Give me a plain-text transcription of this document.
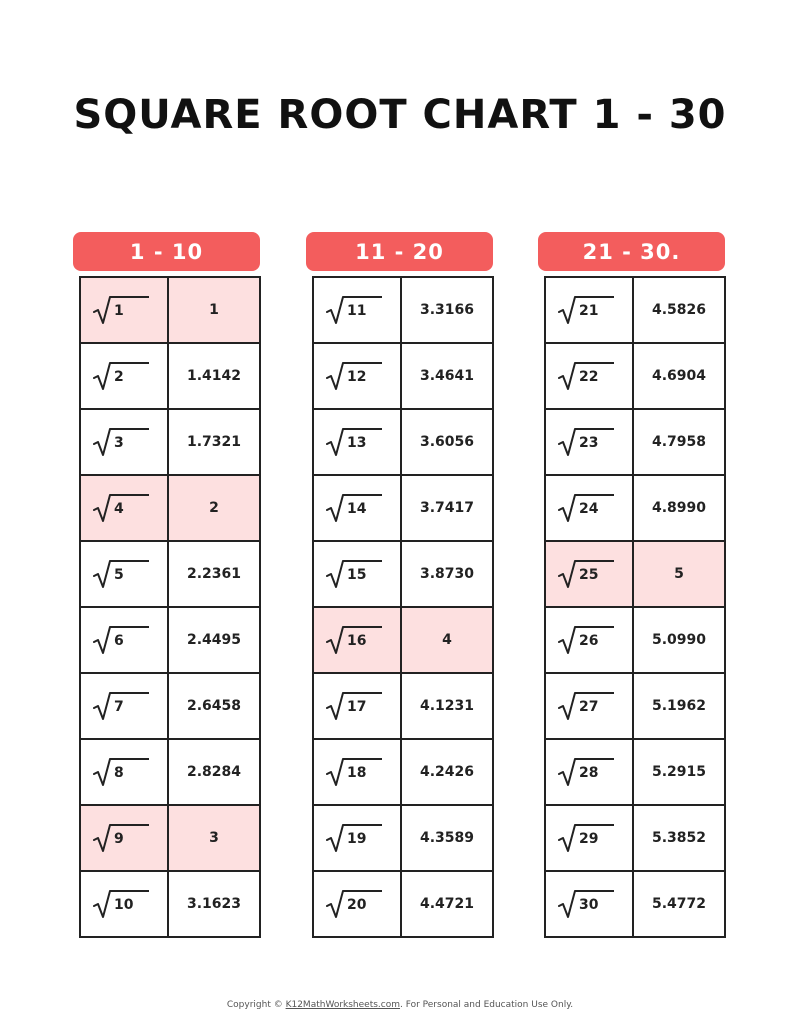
SQUARE ROOT CHART 1 - 30
1 - 10
1	1
2	1.4142
3	1.7321
4	2
5	2.2361
6	2.4495
7	2.6458
8	2.8284
9	3
10	3.1623
11 - 20
11	3.3166
12	3.4641
13	3.6056
14	3.7417
15	3.8730
16	4
17	4.1231
18	4.2426
19	4.3589
20	4.4721
21 - 30.
21	4.5826
22	4.6904
23	4.7958
24	4.8990
25	5
26	5.0990
27	5.1962
28	5.2915
29	5.3852
30	5.4772
Copyright © K12MathWorksheets.com. For Personal and Education Use Only.
